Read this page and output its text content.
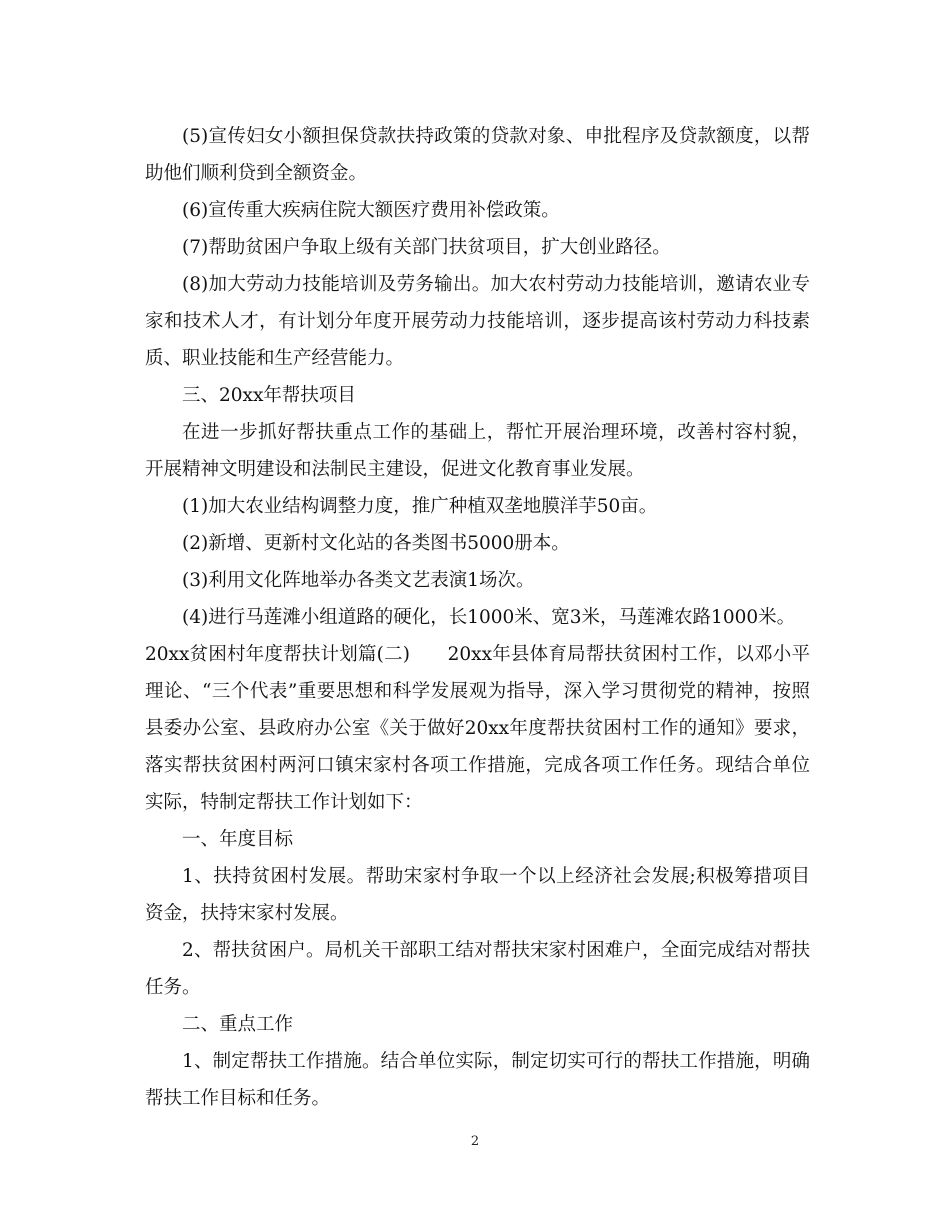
(5)宣传妇女小额担保贷款扶持政策的贷款对象、申批程序及贷款额度，以帮助他们顺利贷到全额资金。

(6)宣传重大疾病住院大额医疗费用补偿政策。

(7)帮助贫困户争取上级有关部门扶贫项目，扩大创业路径。

(8)加大劳动力技能培训及劳务输出。加大农村劳动力技能培训，邀请农业专家和技术人才，有计划分年度开展劳动力技能培训，逐步提高该村劳动力科技素质、职业技能和生产经营能力。

三、20xx年帮扶项目

在进一步抓好帮扶重点工作的基础上，帮忙开展治理环境，改善村容村貌，开展精神文明建设和法制民主建设，促进文化教育事业发展。

(1)加大农业结构调整力度，推广种植双垄地膜洋芋50亩。

(2)新增、更新村文化站的各类图书5000册本。

(3)利用文化阵地举办各类文艺表演1场次。

(4)进行马莲滩小组道路的硬化，长1000米、宽3米，马莲滩农路1000米。

20xx贫困村年度帮扶计划篇(二)　　20xx年县体育局帮扶贫困村工作，以邓小平理论、“三个代表”重要思想和科学发展观为指导，深入学习贯彻党的精神，按照县委办公室、县政府办公室《关于做好20xx年度帮扶贫困村工作的通知》要求，落实帮扶贫困村两河口镇宋家村各项工作措施，完成各项工作任务。现结合单位实际，特制定帮扶工作计划如下：

一、年度目标

1、扶持贫困村发展。帮助宋家村争取一个以上经济社会发展;积极筹措项目资金，扶持宋家村发展。

2、帮扶贫困户。局机关干部职工结对帮扶宋家村困难户，全面完成结对帮扶任务。

二、重点工作

1、制定帮扶工作措施。结合单位实际，制定切实可行的帮扶工作措施，明确帮扶工作目标和任务。

2
